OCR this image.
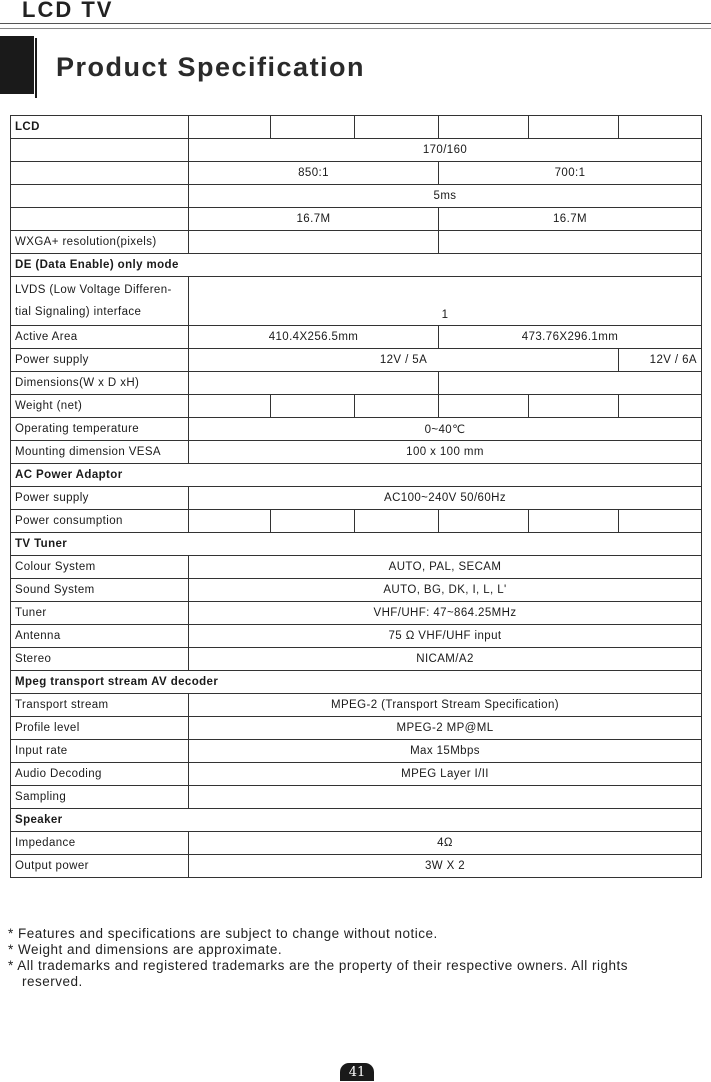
LCD TV
Product Specification
LCD						
	170/160					
	850:1			700:1		
	5ms					
	16.7M			16.7M		
WXGA+ resolution(pixels)						
DE (Data Enable) only mode						

LVDS (Low Voltage Differen-
tial Signaling) interface	1					
Active Area	410.4X256.5mm			473.76X296.1mm		
Power supply	12V / 5A					12V / 6A
Dimensions(W x D xH)						
Weight (net)						
Operating temperature	0~40℃					
Mounting dimension VESA	100 x 100 mm					
AC Power Adaptor						
Power supply	AC100~240V 50/60Hz					
Power consumption						
TV Tuner						
Colour System	AUTO, PAL, SECAM					
Sound System	AUTO, BG, DK, I, L, L'					
Tuner	VHF/UHF: 47~864.25MHz					
Antenna	75 Ω VHF/UHF input					
Stereo	NICAM/A2					
Mpeg transport stream AV decoder						
Transport stream	MPEG-2 (Transport Stream Specification)					
Profile level	MPEG-2 MP@ML					
Input rate	Max 15Mbps					
Audio Decoding	MPEG Layer I/II					
Sampling						
Speaker						
Impedance	4Ω					
Output power	3W X 2					
* Features and specifications are subject to change without notice.
* Weight and dimensions are approximate.
* All trademarks and registered trademarks are the property of their respective owners. All rights
reserved.
41
